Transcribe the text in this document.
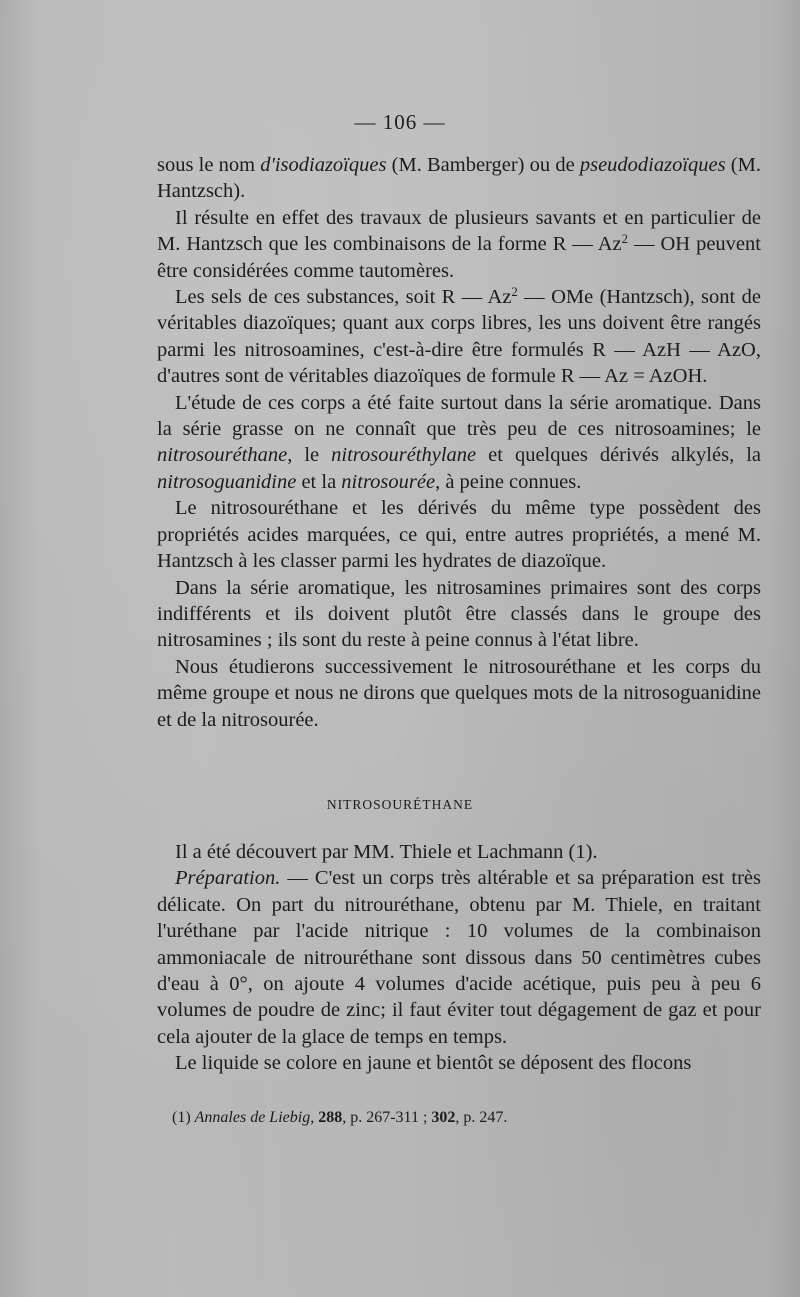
— 106 —

sous le nom d'isodiazoïques (M. Bamberger) ou de pseudodiazoïques (M. Hantzsch).

Il résulte en effet des travaux de plusieurs savants et en particulier de M. Hantzsch que les combinaisons de la forme R — Az$^2$ — OH peuvent être considérées comme tautomères.

Les sels de ces substances, soit R — Az$^2$ — OMe (Hantzsch), sont de véritables diazoïques; quant aux corps libres, les uns doivent être rangés parmi les nitrosoamines, c'est-à-dire être formulés R — AzH — AzO, d'autres sont de véritables diazoïques de formule R — Az = AzOH.

L'étude de ces corps a été faite surtout dans la série aromatique. Dans la série grasse on ne connaît que très peu de ces nitrosoamines; le nitrosouréthane, le nitrosouréthylane et quelques dérivés alkylés, la nitrosoguanidine et la nitrosourée, à peine connues.

Le nitrosouréthane et les dérivés du même type possèdent des propriétés acides marquées, ce qui, entre autres propriétés, a mené M. Hantzsch à les classer parmi les hydrates de diazoïque.

Dans la série aromatique, les nitrosamines primaires sont des corps indifférents et ils doivent plutôt être classés dans le groupe des nitrosamines ; ils sont du reste à peine connus à l'état libre.

Nous étudierons successivement le nitrosouréthane et les corps du même groupe et nous ne dirons que quelques mots de la nitrosoguanidine et de la nitrosourée.

NITROSOURÉTHANE

Il a été découvert par MM. Thiele et Lachmann (1).

Préparation. — C'est un corps très altérable et sa préparation est très délicate. On part du nitrouréthane, obtenu par M. Thiele, en traitant l'uréthane par l'acide nitrique : 10 volumes de la combinaison ammoniacale de nitrouréthane sont dissous dans 50 centimètres cubes d'eau à 0°, on ajoute 4 volumes d'acide acétique, puis peu à peu 6 volumes de poudre de zinc; il faut éviter tout dégagement de gaz et pour cela ajouter de la glace de temps en temps.

Le liquide se colore en jaune et bientôt se déposent des flocons

(1) Annales de Liebig, 288, p. 267-311 ; 302, p. 247.
